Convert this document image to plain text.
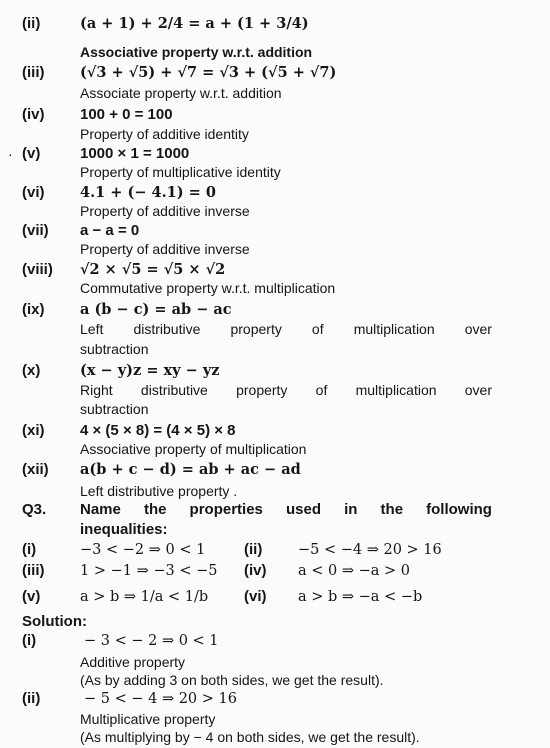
(ii)	(a + 1) + 2/4 = a + (1 + 3/4)
Associative property w.r.t. addition
(iii)	(√3 + √5) + √7 = √3 + (√5 + √7)
Associate property w.r.t. addition
(iv)	100 + 0 = 100
Property of additive identity
· (v)	1000 × 1 = 1000
Property of multiplicative identity
(vi)	4.1 + (− 4.1) = 0
Property of additive inverse
(vii)	a − a = 0
Property of additive inverse
(viii)	√2 × √5 = √5 × √2
Commutative property w.r.t. multiplication
(ix)	a (b − c) = ab − ac
Left distributive property of multiplication over
subtraction
(x)	(x − y)z = xy − yz
Right distributive property of multiplication over
subtraction
(xi)	4 × (5 × 8) = (4 × 5) × 8
Associative property of multiplication
(xii)	a(b + c − d) = ab + ac − ad
Left distributive property .
Q3.	Name the properties used in the following
inequalities:
(i)	−3 < −2 ⇒ 0 < 1	(ii) −5 < −4 ⇒ 20 > 16
(iii)	1 > −1 ⇒ −3 < −5 (iv) a < 0 ⇒ −a > 0
(v)	a > b ⇒ 1/a < 1/b (vi) a > b ⇒ −a < −b
Solution:
(i)	− 3 < − 2 ⇒ 0 < 1
Additive property
(As by adding 3 on both sides, we get the result).
(ii)	− 5 < − 4 ⇒ 20 > 16
Multiplicative property
(As multiplying by − 4 on both sides, we get the result).
